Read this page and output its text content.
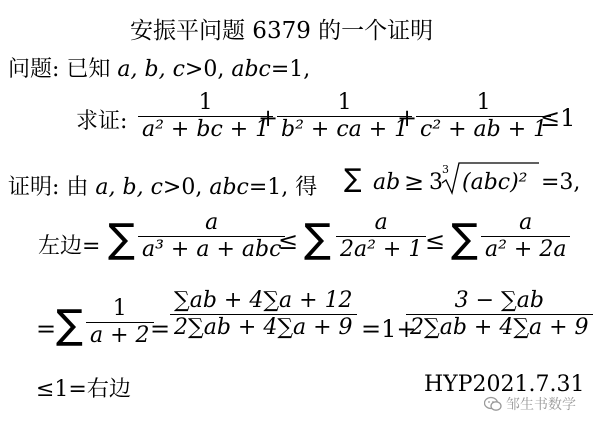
安振平问题 6379 的一个证明
问题: 已知 a, b, c>0, abc=1,
求证:
1
a² + bc + 1
+
1
b² + ca + 1
+
1
c² + ab + 1
≤1
证明: 由 a, b, c>0, abc=1, 得 ∑ ab ≥ 3
3
(abc)² =3,
左边= ∑	a
a³ + a + abc
≤ ∑ a
2a² + 1 ≤ ∑ a
a² + 2a
= ∑ 1
a + 2 =
∑ab + 4∑a + 12
2∑ab + 4∑a + 9 =1+
3 − ∑ab
2∑ab + 4∑a + 9
≤1=右边	HYP2021.7.31
邹生书数学
